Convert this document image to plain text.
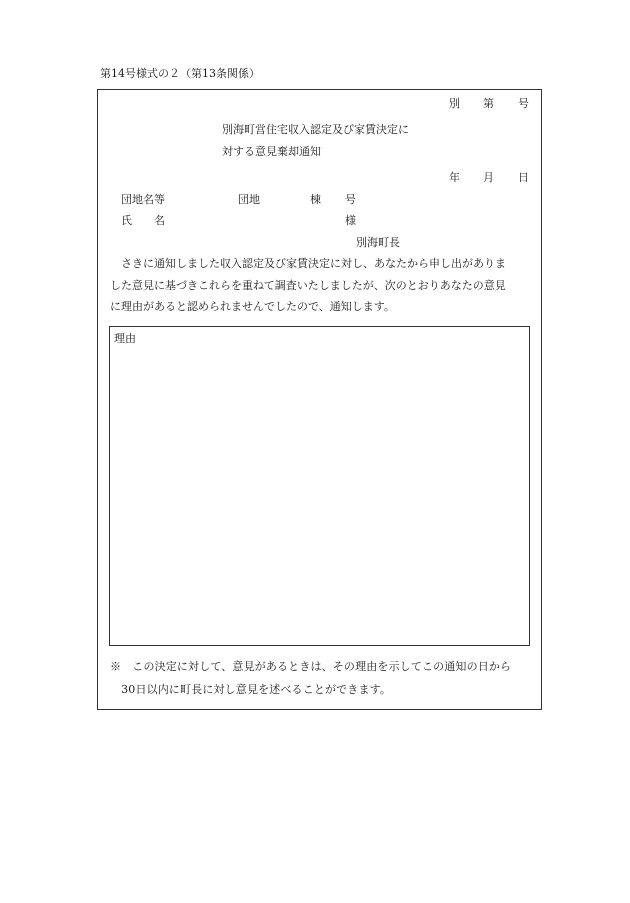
第14号様式の２（第13条関係）
別 第 号
別海町営住宅収入認定及び家賃決定に
対する意見棄却通知
年 月 日
団地名等	団地	棟 号
氏　　名	様
別海町長
　さきに通知しました収入認定及び家賃決定に対し、あなたから申し出がありま
した意見に基づきこれらを重ねて調査いたしましたが、次のとおりあなたの意見
に理由があると認められませんでしたので、通知します。
理由
※　この決定に対して、意見があるときは、その理由を示してこの通知の日から
　30日以内に町長に対し意見を述べることができます。
